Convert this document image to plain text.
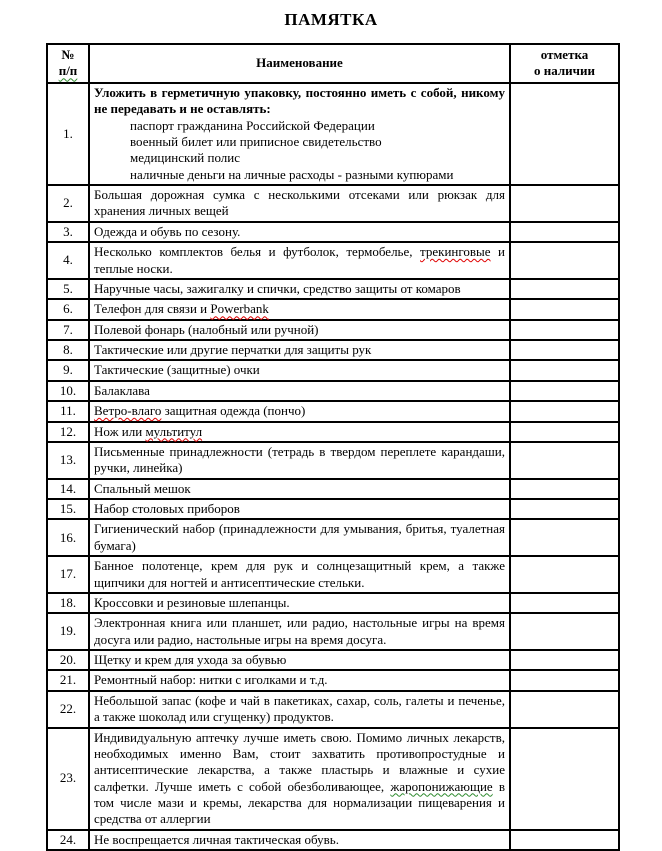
ПАМЯТКА
№
п/п	Наименование	отметка
о наличии

1.	Уложить в герметичную упаковку, постоянно иметь с собой, никому не передавать и не оставлять:
паспорт гражданина Российской Федерации
военный билет или приписное свидетельство
медицинский полис
наличные деньги на личные расходы - разными купюрами	

2.	Большая дорожная сумка с несколькими отсеками или рюкзак для хранения личных вещей	
3.	Одежда и обувь по сезону.	
4.	Несколько комплектов белья и футболок, термобелье, трекинговые и теплые носки.	
5.	Наручные часы, зажигалку и спички, средство защиты от комаров	
6.	Телефон для связи и Powerbank	
7.	Полевой фонарь (налобный или ручной)	
8.	Тактические или другие перчатки для защиты рук	
9.	Тактические (защитные) очки	
10.	Балаклава	
11.	Ветро-влаго защитная одежда (пончо)	
12.	Нож или мультитул	
13.	Письменные принадлежности (тетрадь в твердом переплете карандаши, ручки, линейка)	
14.	Спальный мешок	
15.	Набор столовых приборов	
16.	Гигиенический набор (принадлежности для умывания, бритья, туалетная бумага)	
17.	Банное полотенце, крем для рук и солнцезащитный крем, а также щипчики для ногтей и антисептические стельки.	
18.	Кроссовки и резиновые шлепанцы.	
19.	Электронная книга или планшет, или радио, настольные игры на время досуга или радио, настольные игры на время досуга.	
20.	Щетку и крем для ухода за обувью	
21.	Ремонтный набор: нитки с иголками и т.д.	
22.	Небольшой запас (кофе и чай в пакетиках, сахар, соль, галеты и печенье, а также шоколад или сгущенку) продуктов.	
23.	Индивидуальную аптечку лучше иметь свою. Помимо личных лекарств, необходимых именно Вам, стоит захватить противопростудные и антисептические лекарства, а также пластырь и влажные и сухие салфетки. Лучше иметь с собой обезболивающее, жаропонижающие в том числе мази и кремы, лекарства для нормализации пищеварения и средства от аллергии	
24.	Не воспрещается личная тактическая обувь.	
